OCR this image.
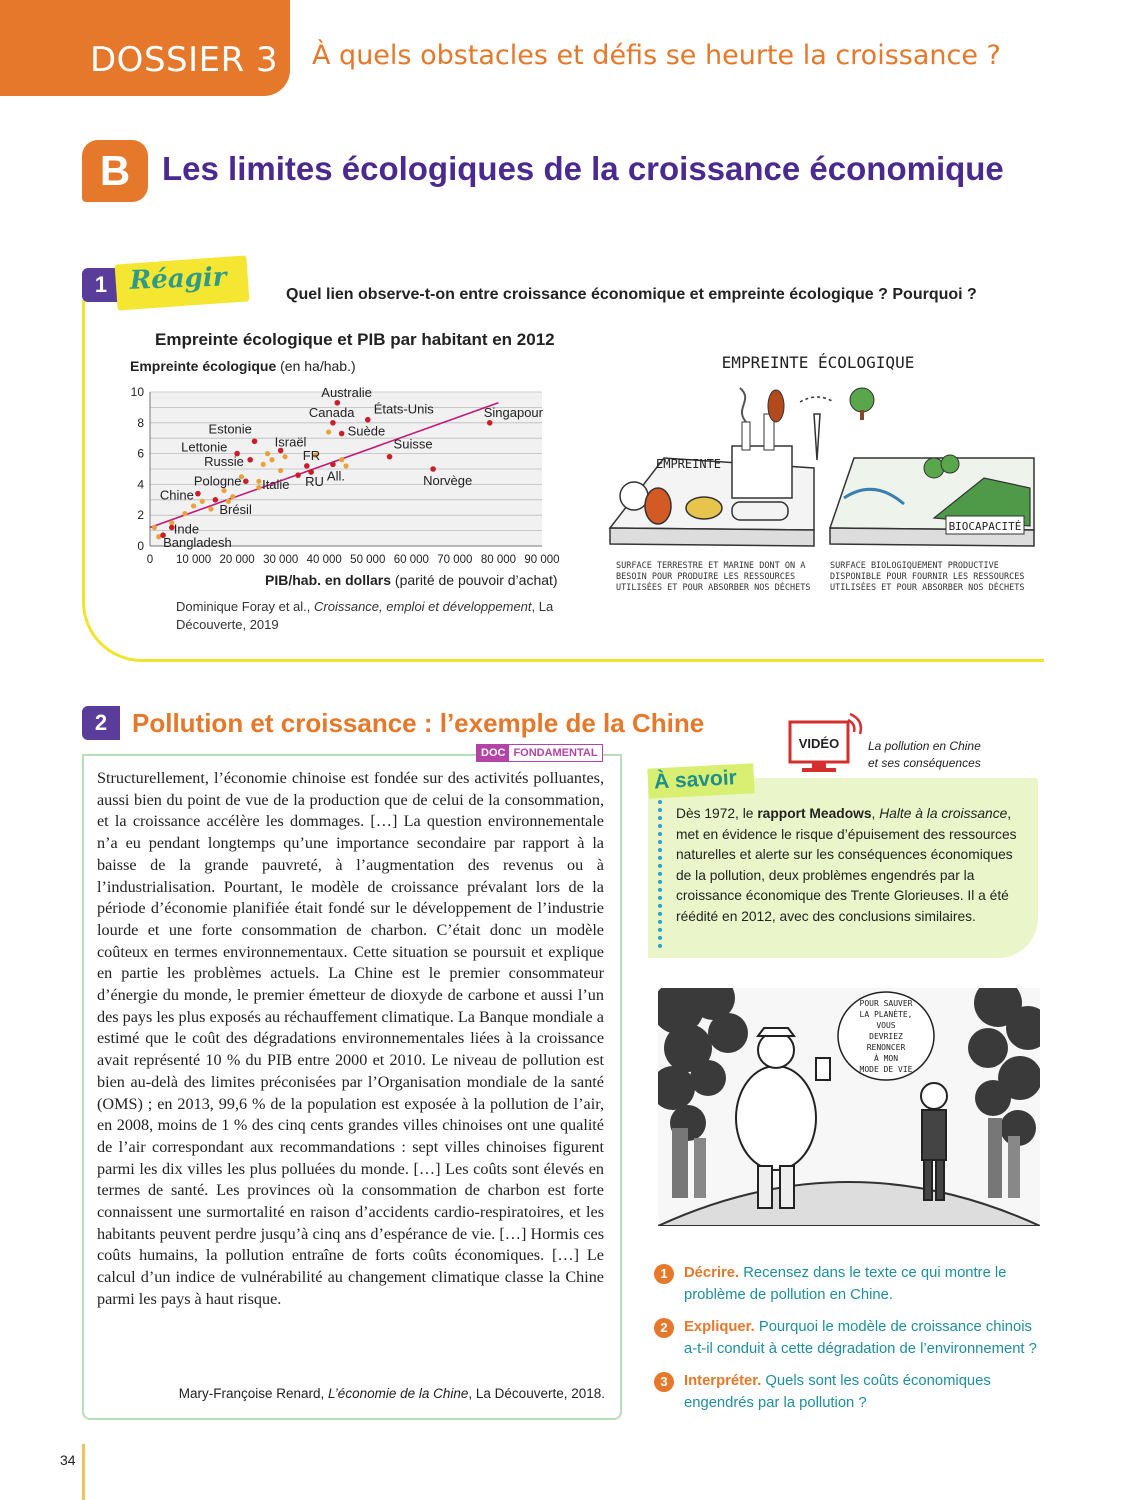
DOSSIER 3 À quels obstacles et défis se heurte la croissance ?
B Les limites écologiques de la croissance économique
1 Réagir	Quel lien observe-t-on entre croissance économique et empreinte écologique ? Pourquoi ?
Empreinte écologique et PIB par habitant en 2012
Empreinte écologique (en ha/hab.)
0
2
4
6
8
10
0 10 000 20 000 30 000 40 000 50 000 60 000 70 000 80 000 90 000
Australie
États-Unis	Singapour
Canada
Suède
Estonie
Israël	Suisse
Lettonie
FR
Russie
Norvège
Pologne Italie RU All.
Chine
Brésil
Inde
Bangladesh
PIB/hab. en dollars (parité de pouvoir d’achat)
Dominique Foray et al., Croissance, emploi et développement, La Découverte, 2019
EMPREINTE ÉCOLOGIQUE
EMPREINTE
BIOCAPACITÉ
SURFACE TERRESTRE ET MARINE DONT ON A
BESOIN POUR PRODUIRE LES RESSOURCES
UTILISÉES ET POUR ABSORBER NOS DÉCHETS
SURFACE BIOLOGIQUEMENT PRODUCTIVE
DISPONIBLE POUR FOURNIR LES RESSOURCES
UTILISÉES ET POUR ABSORBER NOS DÉCHETS
2 Pollution et croissance : l’exemple de la Chine
DOC FONDAMENTAL
Structurellement, l’économie chinoise est fondée sur des activités polluantes, aussi bien du point de vue de la production que de celui de la consommation, et la croissance accélère les dommages. […] La question environnementale n’a eu pendant longtemps qu’une importance secondaire par rapport à la baisse de la grande pauvreté, à l’augmentation des revenus ou à l’industrialisation. Pourtant, le modèle de croissance prévalant lors de la période d’économie planifiée était fondé sur le développement de l’industrie lourde et une forte consommation de charbon. C’était donc un modèle coûteux en termes environnementaux. Cette situation se poursuit et explique en partie les problèmes actuels. La Chine est le premier consommateur d’énergie du monde, le premier émetteur de dioxyde de carbone et aussi l’un des pays les plus exposés au réchauffement climatique. La Banque mondiale a estimé que le coût des dégradations environnementales liées à la croissance avait représenté 10 % du PIB entre 2000 et 2010. Le niveau de pollution est bien au-delà des limites préconisées par l’Organisation mondiale de la santé (OMS) ; en 2013, 99,6 % de la population est exposée à la pollution de l’air, en 2008, moins de 1 % des cinq cents grandes villes chinoises ont une qualité de l’air correspondant aux recommandations : sept villes chinoises figurent parmi les dix villes les plus polluées du monde. […] Les coûts sont élevés en termes de santé. Les provinces où la consommation de charbon est forte connaissent une surmortalité en raison d’accidents cardio-respiratoires, et les habitants peuvent perdre jusqu’à cinq ans d’espérance de vie. […] Hormis ces coûts humains, la pollution entraîne de forts coûts économiques. […] Le calcul d’un indice de vulnérabilité au changement climatique classe la Chine parmi les pays à haut risque.
Mary-Françoise Renard, L’économie de la Chine, La Découverte, 2018.
VIDÉO La pollution en Chine
et ses conséquences
À savoir
Dès 1972, le rapport Meadows, Halte à la croissance, met en évidence le risque d’épuisement des ressources naturelles et alerte sur les conséquences économiques de la pollution, deux problèmes engendrés par la croissance économique des Trente Glorieuses. Il a été réédité en 2012, avec des conclusions similaires.
POUR SAUVER
LA PLANÈTE,
VOUS
DEVRIEZ
RENONCER
À MON
MODE DE VIE
1	Décrire. Recensez dans le texte ce qui montre le problème de pollution en Chine.
2	Expliquer. Pourquoi le modèle de croissance chinois a-t-il conduit à cette dégradation de l’environnement ?
3	Interpréter. Quels sont les coûts économiques engendrés par la pollution ?
34
